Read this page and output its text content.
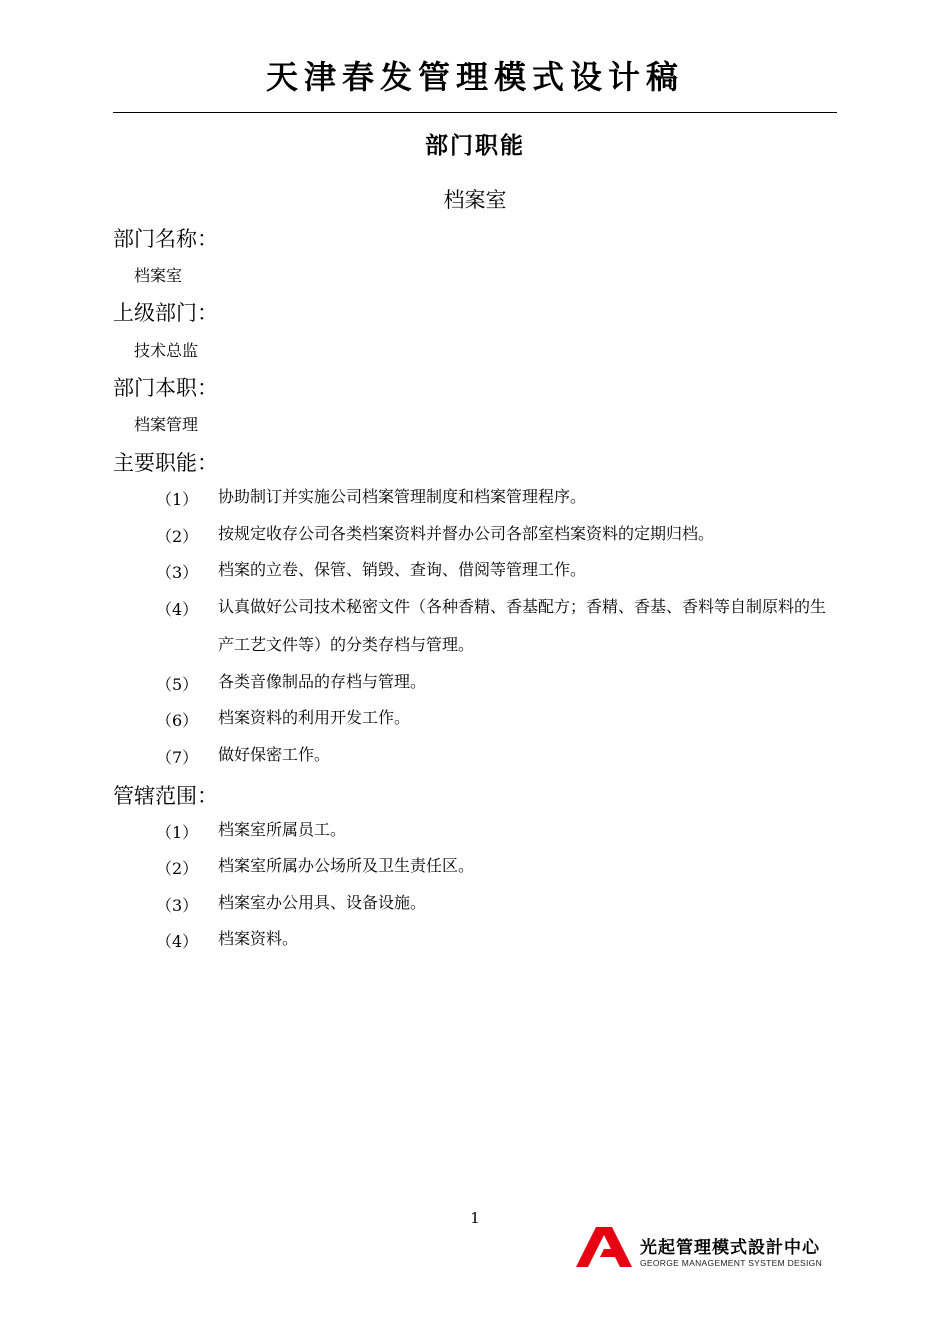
天津春发管理模式设计稿
部门职能
档案室
部门名称：
档案室
上级部门：
技术总监
部门本职：
档案管理
主要职能：
（1） 协助制订并实施公司档案管理制度和档案管理程序。
（2） 按规定收存公司各类档案资料并督办公司各部室档案资料的定期归档。
（3） 档案的立卷、保管、销毁、查询、借阅等管理工作。
（4） 认真做好公司技术秘密文件（各种香精、香基配方；香精、香基、香料等自制原料的生产工艺文件等）的分类存档与管理。
（5） 各类音像制品的存档与管理。
（6） 档案资料的利用开发工作。
（7） 做好保密工作。
管辖范围：
（1） 档案室所属员工。
（2） 档案室所属办公场所及卫生责任区。
（3） 档案室办公用具、设备设施。
（4） 档案资料。
1
光起管理模式設計中心
GEORGE MANAGEMENT SYSTEM DESIGN
